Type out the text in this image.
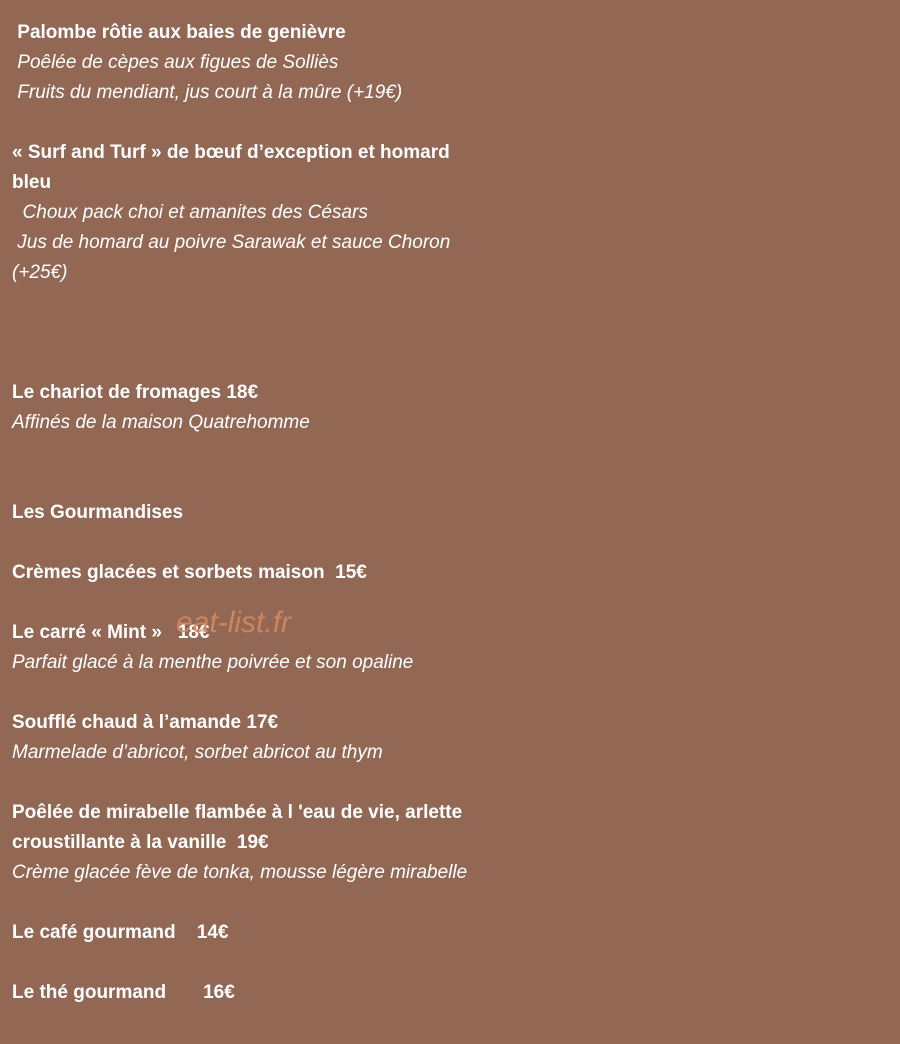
Palombe rôtie aux baies de genièvre
Poêlée de cèpes aux figues de Solliès
Fruits du mendiant, jus court à la mûre (+19€)
« Surf and Turf » de bœuf d’exception et homard
bleu
Choux pack choi et amanites des Césars
Jus de homard au poivre Sarawak et sauce Choron
(+25€)
Le chariot de fromages 18€
Affinés de la maison Quatrehomme
Les Gourmandises
Crèmes glacées et sorbets maison  15€
Le carré « Mint »   18€
Parfait glacé à la menthe poivrée et son opaline
Soufflé chaud à l’amande 17€
Marmelade d’abricot, sorbet abricot au thym
Poêlée de mirabelle flambée à l 'eau de vie, arlette
croustillante à la vanille  19€
Crème glacée fève de tonka, mousse légère mirabelle
Le café gourmand    14€
Le thé gourmand       16€
eat-list.fr
